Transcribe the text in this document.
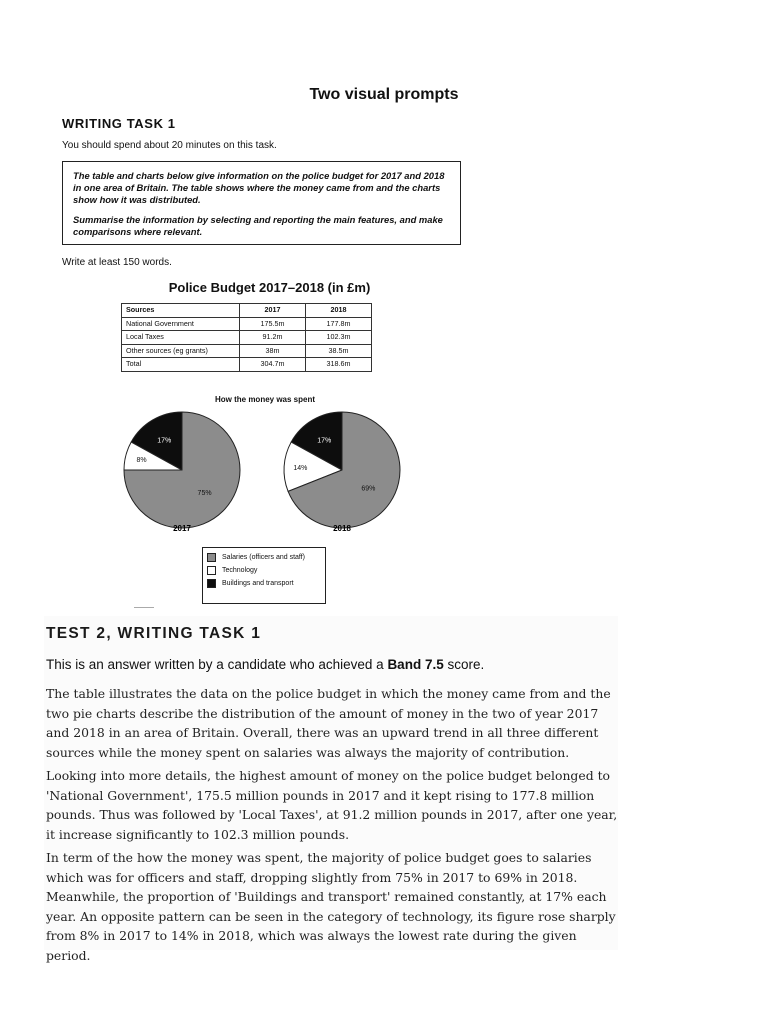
Two visual prompts
WRITING TASK 1
You should spend about 20 minutes on this task.

The table and charts below give information on the police budget for 2017 and 2018 in one area of Britain. The table shows where the money came from and the charts show how it was distributed.

Summarise the information by selecting and reporting the main features, and make comparisons where relevant.

Write at least 150 words.
Police Budget 2017–2018 (in £m)
Sources	2017	2018
National Government	175.5m	177.8m
Local Taxes	91.2m	102.3m
Other sources (eg grants)	38m	38.5m
Total	304.7m	318.6m
How the money was spent
17%
8%
75%
2017
17%
14%
69%
2018
Salaries (officers and staff)
Technology
Buildings and transport
TEST 2, WRITING TASK 1
This is an answer written by a candidate who achieved a Band 7.5 score.

The table illustrates the data on the police budget in which the money came from and the two pie charts describe the distribution of the amount of money in the two of year 2017 and 2018 in an area of Britain. Overall, there was an upward trend in all three different sources while the money spent on salaries was always the majority of contribution.

Looking into more details, the highest amount of money on the police budget belonged to 'National Government', 175.5 million pounds in 2017 and it kept rising to 177.8 million pounds. Thus was followed by 'Local Taxes', at 91.2 million pounds in 2017, after one year, it increase significantly to 102.3 million pounds.

In term of the how the money was spent, the majority of police budget goes to salaries which was for officers and staff, dropping slightly from 75% in 2017 to 69% in 2018. Meanwhile, the proportion of 'Buildings and transport' remained constantly, at 17% each year. An opposite pattern can be seen in the category of technology, its figure rose sharply from 8% in 2017 to 14% in 2018, which was always the lowest rate during the given period.
